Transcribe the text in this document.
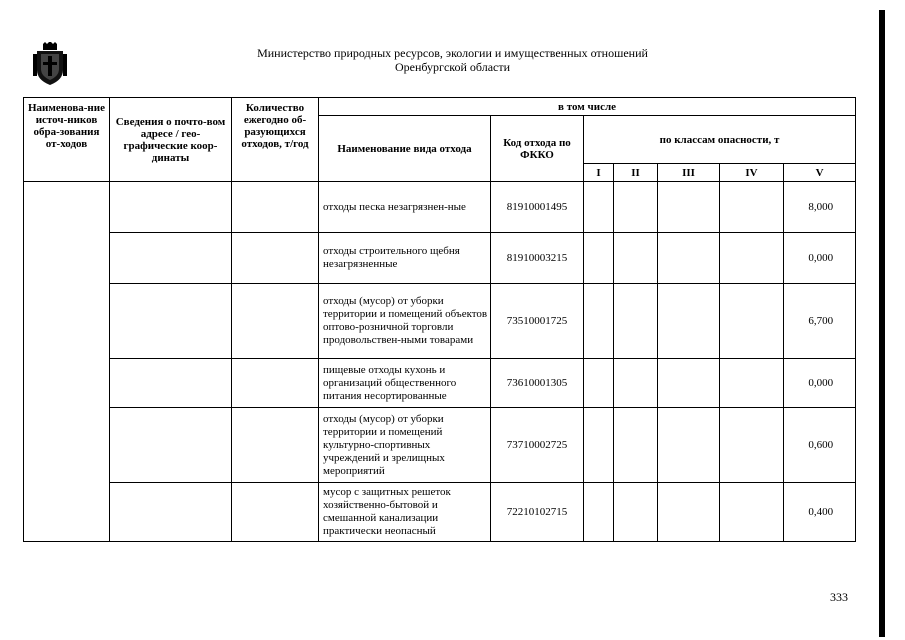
Министерство природных ресурсов, экологии и имущественных отношений
Оренбургской области
Наименова-ние источ-ников обра-зования от-ходов	Сведения о почто-вом адресе / гео-графические коор-динаты	Количество ежегодно об-разующихся отходов, т/год	в том числе						
			Наименование вида отхода	Код отхода по ФККО	по классам опасности, т				
					I	II	III	IV	V
			отходы песка незагрязнен-ные	81910001495					8,000
			отходы строительного щебня незагрязненные	81910003215					0,000
			отходы (мусор) от уборки территории и помещений объектов оптово-розничной торговли продовольствен-ными товарами	73510001725					6,700
			пищевые отходы кухонь и организаций общественного питания несортированные	73610001305					0,000
			отходы (мусор) от уборки территории и помещений культурно-спортивных учреждений и зрелищных мероприятий	73710002725					0,600
			мусор с защитных решеток хозяйственно-бытовой и смешанной канализации практически неопасный	72210102715					0,400
333
